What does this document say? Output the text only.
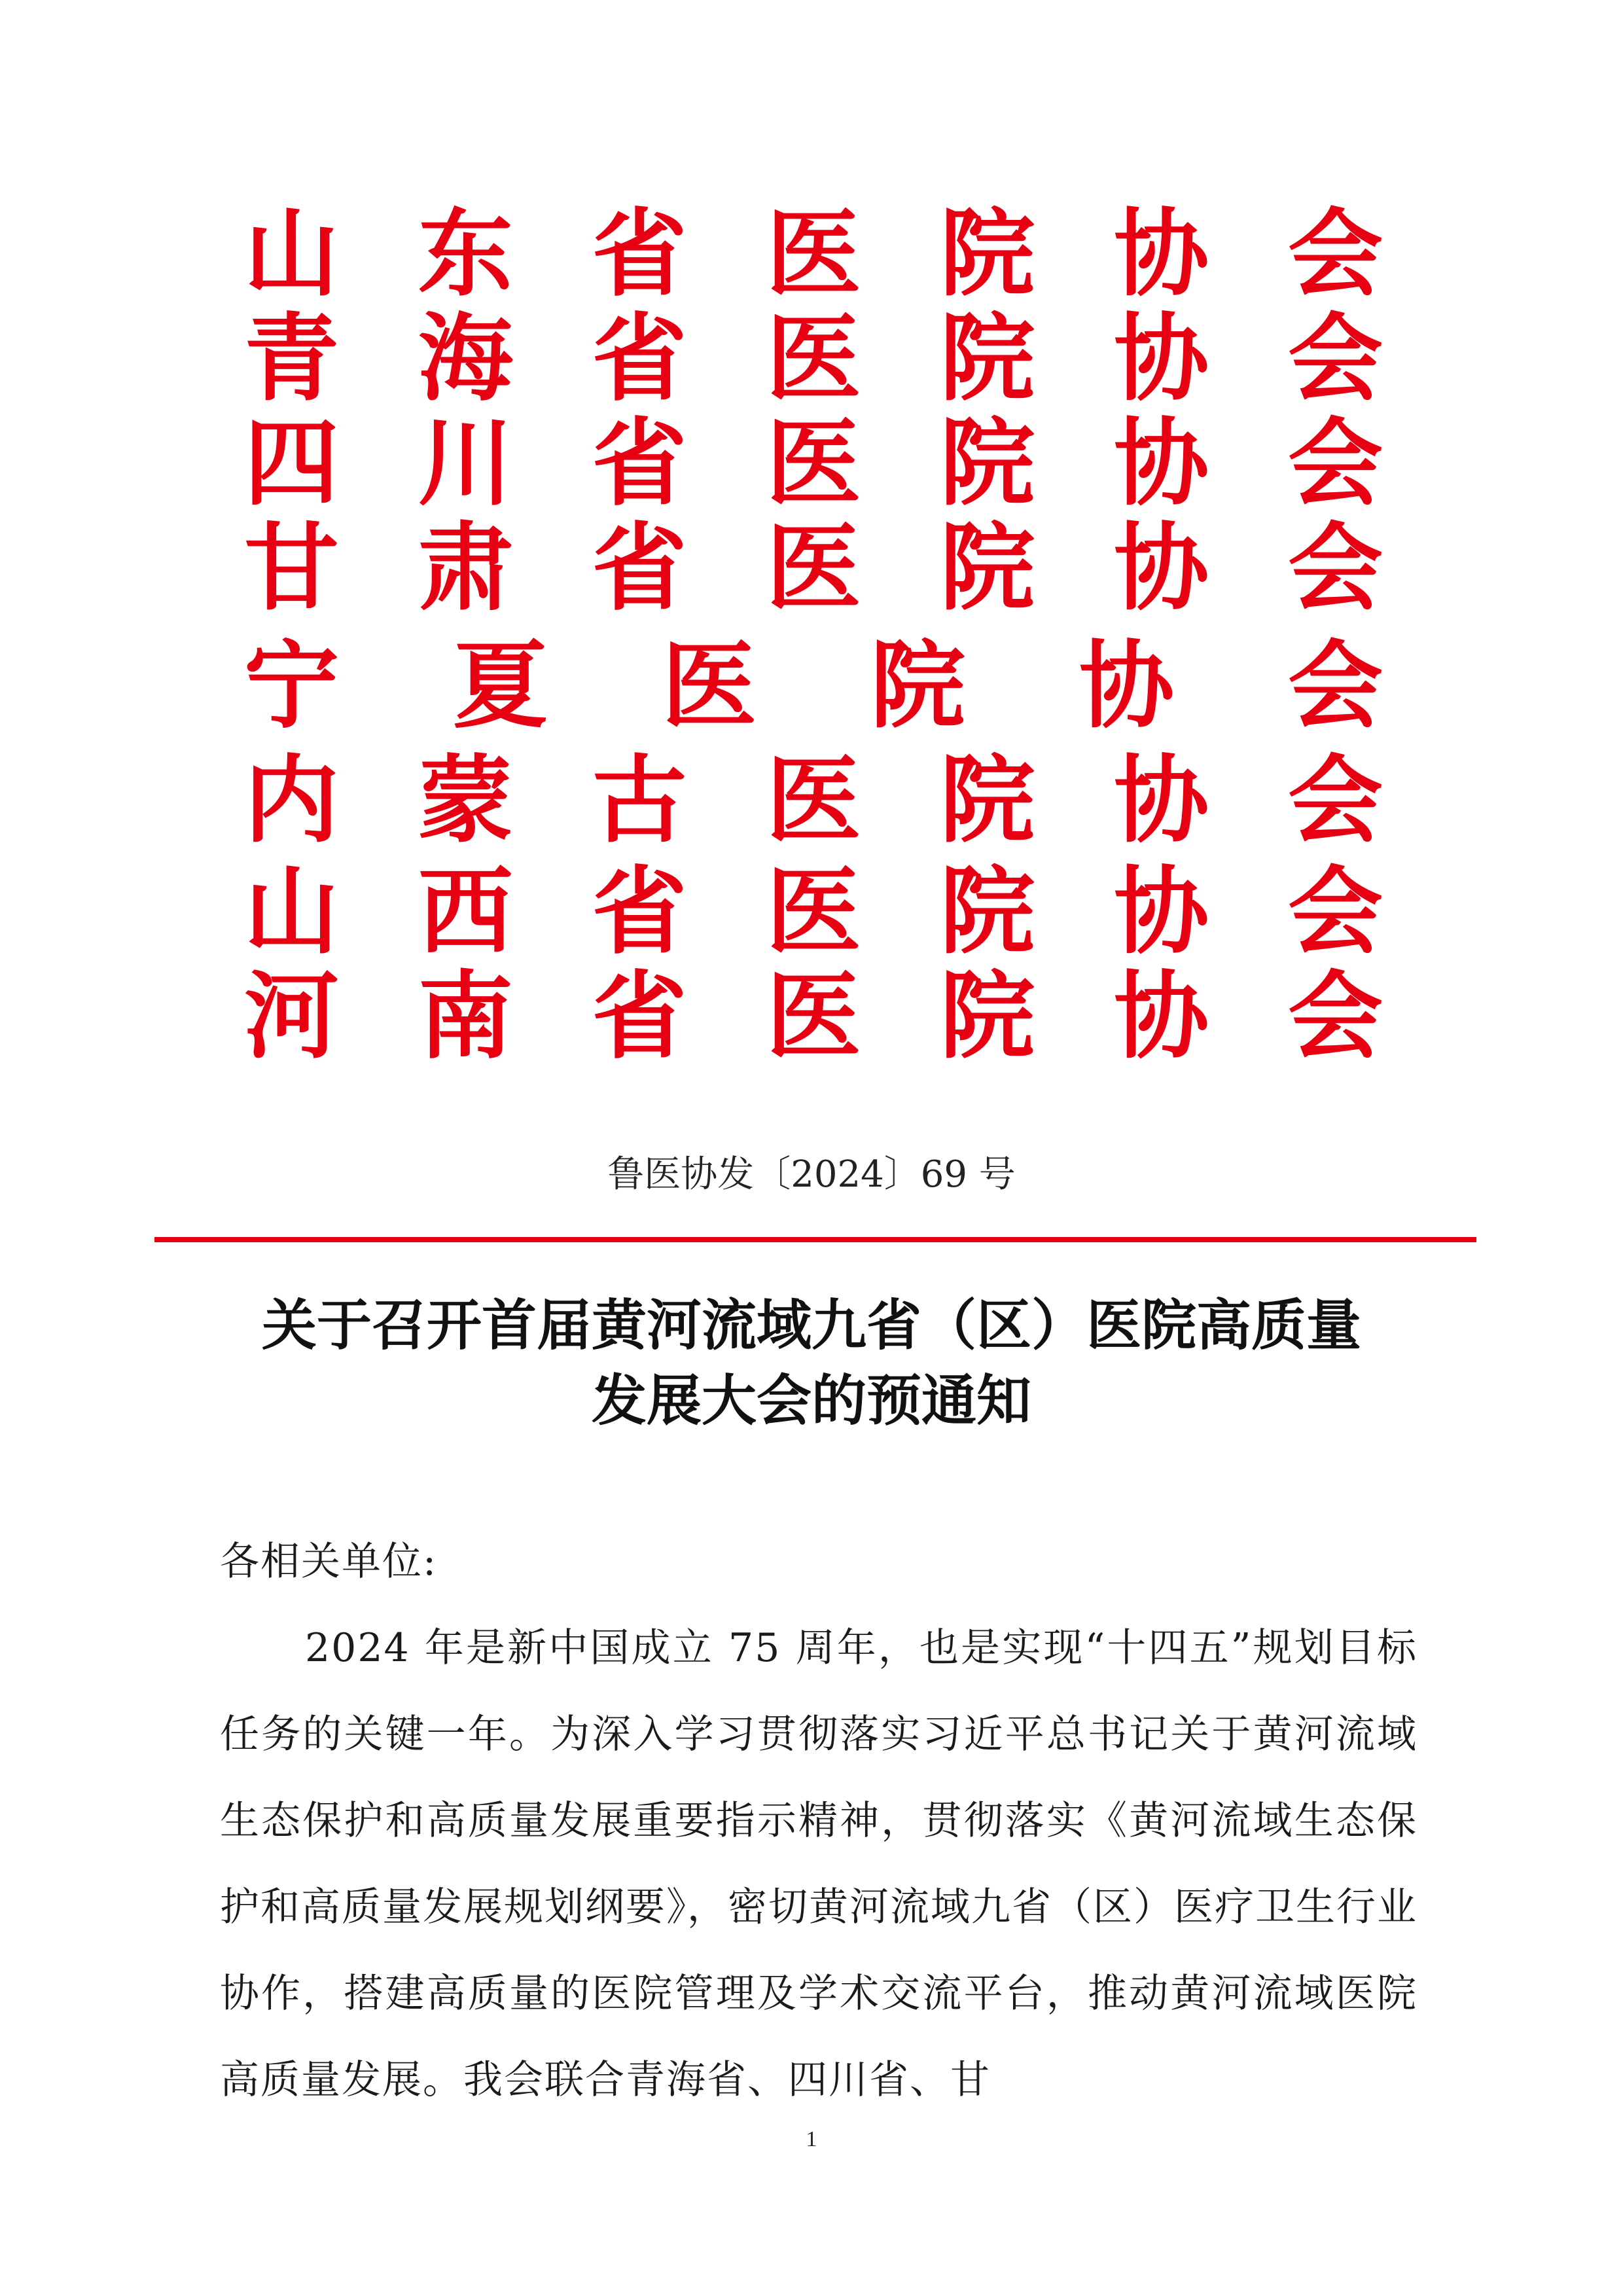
山 东 省 医 院 协 会
青 海 省 医 院 协 会
四 川 省 医 院 协 会
甘 肃 省 医 院 协 会
宁 夏 医 院 协 会
内 蒙 古 医 院 协 会
山 西 省 医 院 协 会
河 南 省 医 院 协 会
鲁医协发〔2024〕69 号
关于召开首届黄河流域九省（区）医院高质量
发展大会的预通知
各相关单位:
2024 年是新中国成立 75 周年，也是实现“十四五”规划目标任务的关键一年。为深入学习贯彻落实习近平总书记关于黄河流域生态保护和高质量发展重要指示精神，贯彻落实《黄河流域生态保护和高质量发展规划纲要》，密切黄河流域九省（区）医疗卫生行业协作，搭建高质量的医院管理及学术交流平台，推动黄河流域医院高质量发展。我会联合青海省、四川省、甘
1
